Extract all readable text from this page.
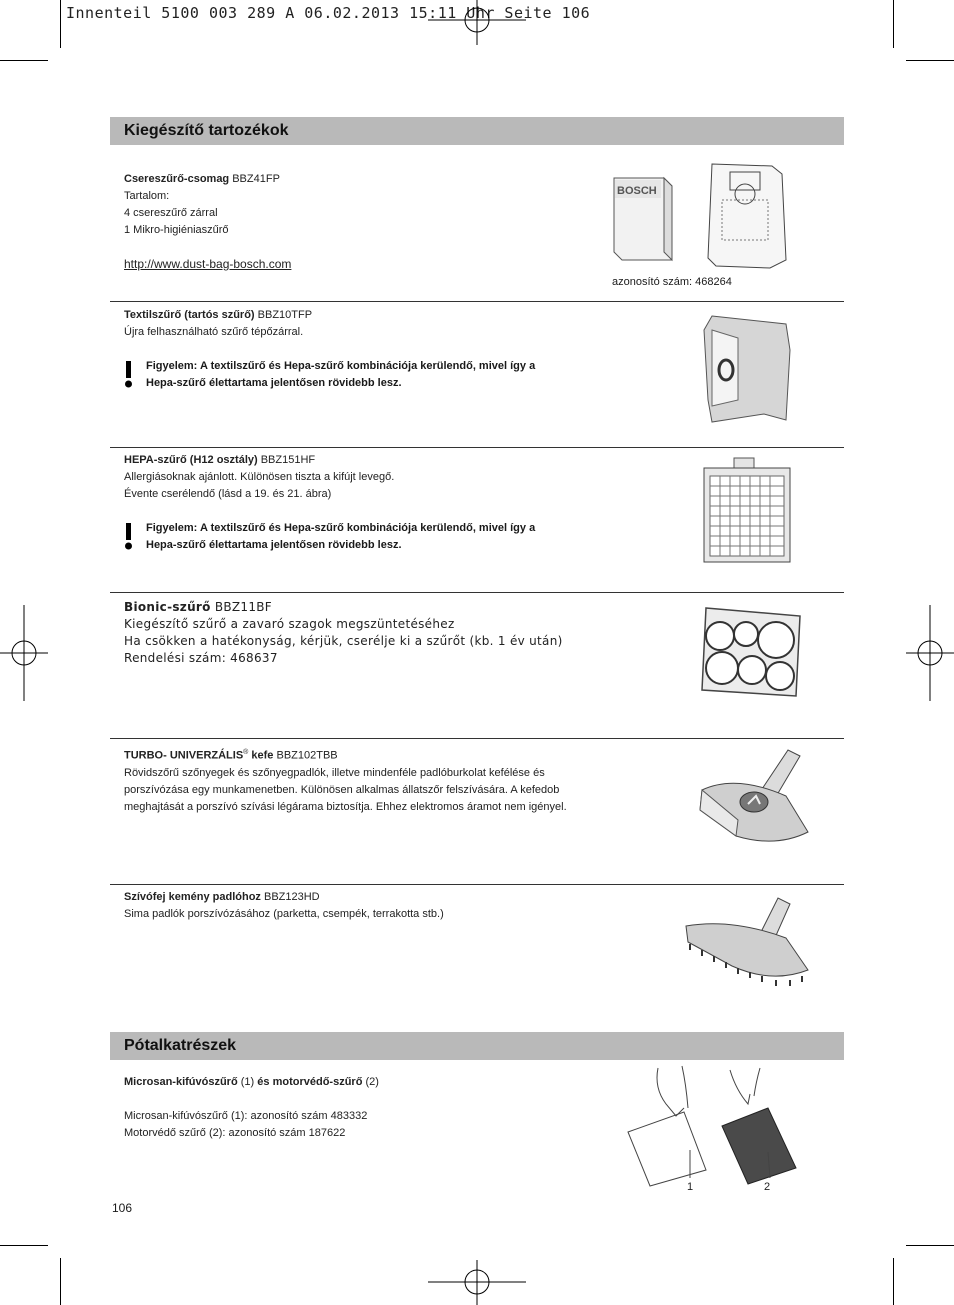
Innenteil 5100 003 289 A 06.02.2013 15:11 Uhr Seite 106
Kiegészítő tartozékok
Csereszűrő-csomag BBZ41FP
Tartalom:
4 csereszűrő zárral
1 Mikro-higiéniaszűrő
http://www.dust-bag-bosch.com
azonosító szám: 468264
BOSCH
Textilszűrő (tartós szűrő) BBZ10TFP
Újra felhasználható szűrő tépőzárral.
Figyelem: A textilszűrő és Hepa-szűrő kombinációja kerülendő, mivel így a
Hepa-szűrő élettartama jelentősen rövidebb lesz.
HEPA-szűrő (H12 osztály) BBZ151HF
Allergiásoknak ajánlott. Különösen tiszta a kifújt levegő.
Évente cserélendő (lásd a 19. és 21. ábra)
Figyelem: A textilszűrő és Hepa-szűrő kombinációja kerülendő, mivel így a
Hepa-szűrő élettartama jelentősen rövidebb lesz.
Bionic-szűrő BBZ11BF
Kiegészítő szűrő a zavaró szagok megszüntetéséhez
Ha csökken a hatékonyság, kérjük, cserélje ki a szűrőt (kb. 1 év után)
Rendelési szám: 468637
TURBO- UNIVERZÁLIS® kefe BBZ102TBB
Rövidszőrű szőnyegek és szőnyegpadlók, illetve mindenféle padlóburkolat kefélése és
porszívózása egy munkamenetben. Különösen alkalmas állatszőr felszívására. A kefedob
meghajtását a porszívó szívási légárama biztosítja. Ehhez elektromos áramot nem igényel.
Szívófej kemény padlóhoz BBZ123HD
Sima padlók porszívózásához (parketta, csempék, terrakotta stb.)
Pótalkatrészek
Microsan-kifúvószűrő (1) és motorvédő-szűrő (2)
Microsan-kifúvószűrő (1): azonosító szám 483332
Motorvédő szűrő (2): azonosító szám 187622
1	2
106
